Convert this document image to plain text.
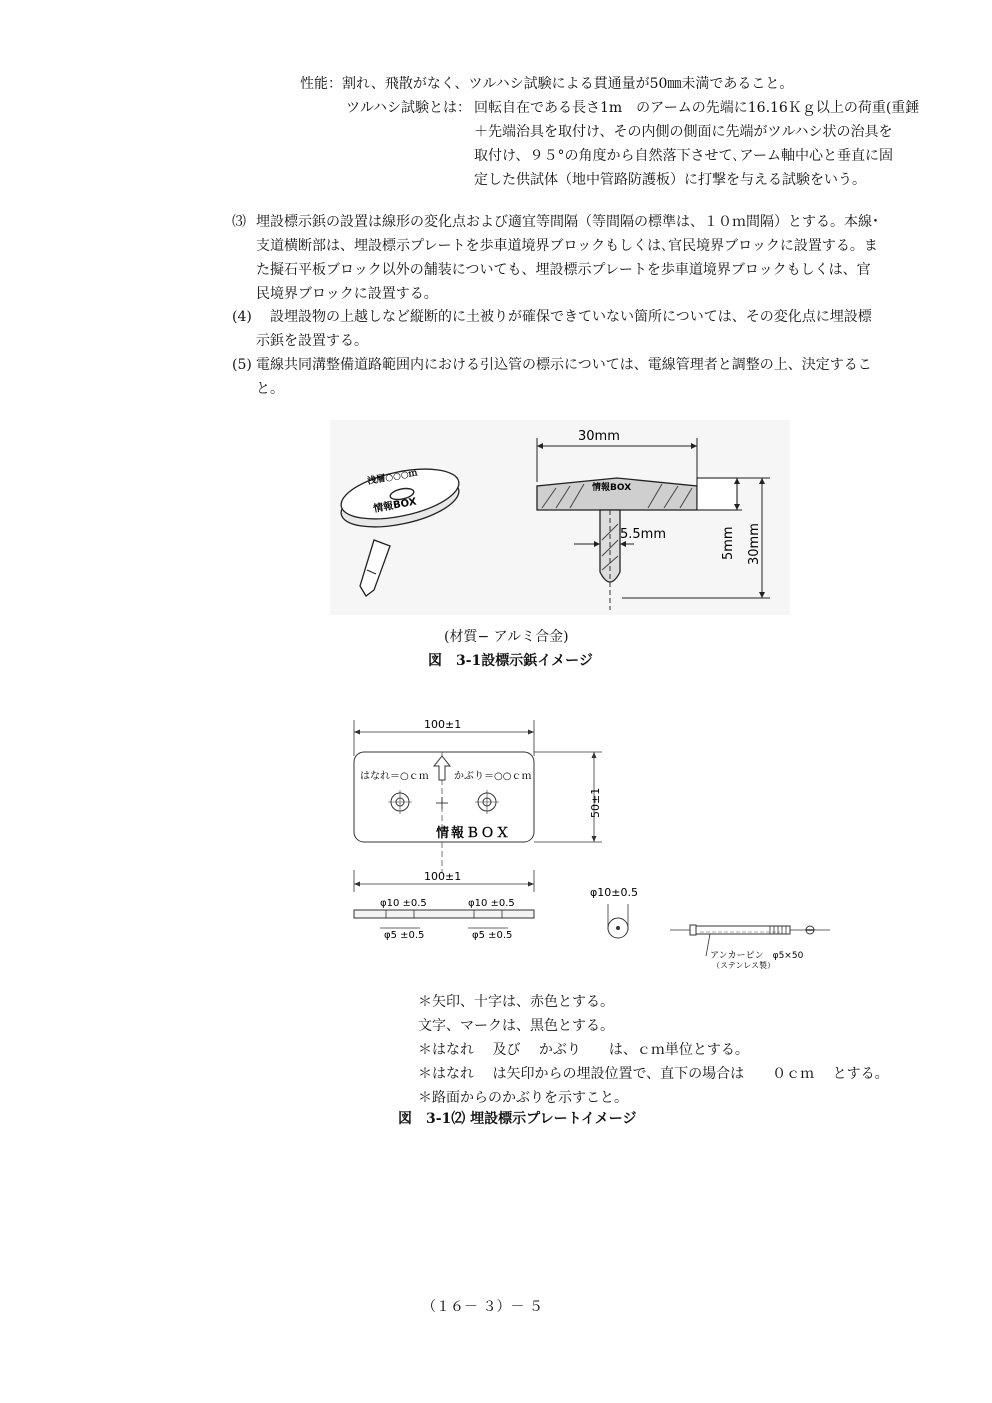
性能：割れ、飛散がなく、ツルハシ試験による貫通量が50㎜未満であること。
ツルハシ試験とは： 回転自在である長さ1m　のアームの先端に16.16Ｋｇ以上の荷重(重錘
＋先端治具を取付け、その内側の側面に先端がツルハシ状の治具を
取付け、９５°の角度から自然落下させて､アーム軸中心と垂直に固
定した供試体（地中管路防護板）に打撃を与える試験をいう。
⑶ 埋設標示鋲の設置は線形の変化点および適宜等間隔（等間隔の標準は、１０ｍ間隔）とする。本線･
支道横断部は、埋設標示プレートを歩車道境界ブロックもしくは､官民境界ブロックに設置する。ま
た擬石平板ブロック以外の舗装についても、埋設標示プレートを歩車道境界ブロックもしくは、官
民境界ブロックに設置する。
(4) 　設埋設物の上越しなど縦断的に土被りが確保できていない箇所については、その変化点に埋設標
示鋲を設置する。
(5) 電線共同溝整備道路範囲内における引込管の標示については、電線管理者と調整の上、決定するこ
と。
浅層○○○ｍ
情報BOX
30mm
情報BOX
5.5mm	5mm 30mm
(材質− アルミ合金)
図　3-1設標示鋲イメージ
100±1
50±1
はなれ＝○ｃｍ	かぶり＝○○ｃｍ
情報ＢＯＸ
100±1
φ10 ±0.5	φ10 ±0.5
φ5 ±0.5	φ5 ±0.5
φ10±0.5
アンカーピン　φ5×50
（ステンレス製）
＊矢印、十字は、赤色とする。
文字、マークは、黒色とする。
＊はなれ　 及び　 かぶり　　は、ｃｍ単位とする。
＊はなれ　 は矢印からの埋設位置で、直下の場合は　　０ｃｍ　 とする。
＊路面からのかぶりを示すこと。
図　3-1⑵ 埋設標示プレートイメージ
（１６－ ３）－ ５
